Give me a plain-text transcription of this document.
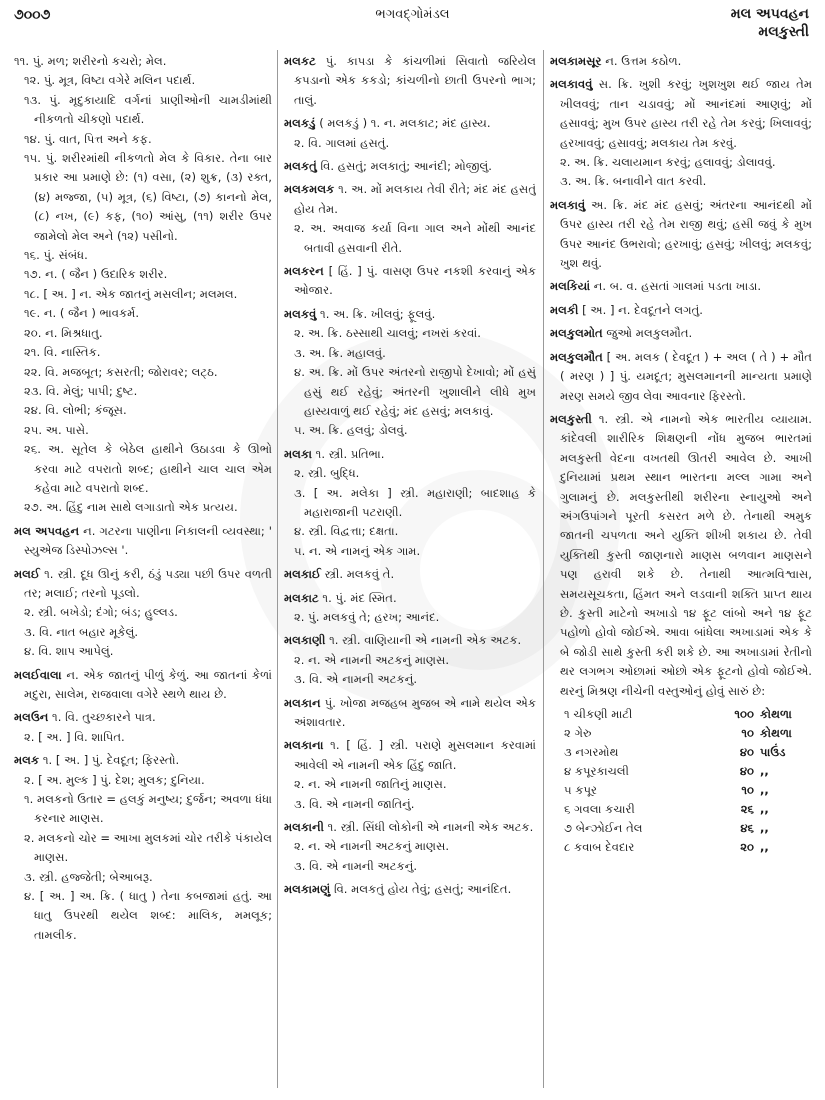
૭૦૦૭	ભગવદ્ગોમંડલ	મલ અપવહન
મલકુસ્તી
૧૧. પું. મળ; શરીરનો કચરો; મેલ.
૧૨. પું. મૂત્ર, વિષ્ટા વગેરે મલિન પદાર્થ.
૧૩. પું. મૃદુકાયાદિ વર્ગનાં પ્રાણીઓની ચામડીમાંથી નીકળતો ચીકણો પદાર્થ.
૧૪. પું. વાત, પિત્ત અને કફ.
૧૫. પું. શરીરમાંથી નીકળતો મેલ કે વિકાર. તેના બાર પ્રકાર આ પ્રમાણે છે: (૧) વસા, (૨) શુક્ર, (૩) રક્ત, (૪) મજ્જા, (૫) મૂત્ર, (૬) વિષ્ટા, (૭) કાનનો મેલ, (૮) નખ, (૯) કફ, (૧૦) આંસુ, (૧૧) શરીર ઉપર જામેલો મેલ અને (૧૨) પસીનો.
૧૬. પું. સંબંધ.
૧૭. ન. ( જૈન ) ઉદારિક શરીર.
૧૮. [ અ. ] ન. એક જાતનું મસલીન; મલમલ.
૧૯. ન. ( જૈન ) ભાવકર્મ.
૨૦. ન. મિશ્રધાતુ.
૨૧. વિ. નાસ્તિક.
૨૨. વિ. મજબૂત; કસરતી; જોરાવર; લટ્ઠ.
૨૩. વિ. મેલું; પાપી; દુષ્ટ.
૨૪. વિ. લોભી; કંજૂસ.
૨૫. અ. પાસે.
૨૬. અ. સૂતેલ કે બેઠેલ હાથીને ઉઠાડવા કે ઊભો કરવા માટે વપરાતો શબ્દ; હાથીને ચાલ ચાલ એમ કહેવા માટે વપરાતો શબ્દ.
૨૭. અ. હિંદુ નામ સાથે લગાડાતો એક પ્રત્યય.
મલ અપવહન ન. ગટરના પાણીના નિકાલની વ્યવસ્થા; ' સ્યુએજ ડિસ્પોઝલ્સ '.
મલઈ ૧. સ્ત્રી. દૂધ ઊનું કરી, ઠંડું પડ્યા પછી ઉપર વળતી તર; મલાઈ; તરનો પૂડલો.
૨. સ્ત્રી. બખેડો; દંગો; બંડ; હુલ્લડ.
૩. વિ. નાત બહાર મૂકેલું.
૪. વિ. શાપ આપેલું.
મલઈવાલા ન. એક જાતનું પીળું કેળું. આ જાતનાં કેળાં મદુરા, સાલેમ, રાજવાલા વગેરે સ્થળે થાય છે.
મલઉન ૧. વિ. તુચ્છકારને પાત્ર.
૨. [ અ. ] વિ. શાપિત.
મલક ૧. [ અ. ] પું. દેવદૂત; ફિરસ્તો.
૨. [ અ. મુલ્ક ] પું. દેશ; મુલક; દુનિયા.
૧. મલકનો ઉતાર = હલકું મનુષ્ય; દુર્જન; અવળા ધંધા કરનાર માણસ.
૨. મલકનો ચોર = આખા મુલકમાં ચોર તરીકે પંકાયેલ માણસ.
૩. સ્ત્રી. હજ્જેતી; બેઆબરૂ.
૪. [ અ. ] અ. ક્રિ. ( ધાતુ ) તેના કબજામાં હતું. આ ધાતુ ઉપરથી થયેલ શબ્દ: માલિક, મમલૂક; તામલીક.
મલકટ પું. કાપડા કે કાંચળીમાં સિવાતો જરિયેલ કપડાનો એક કકડો; કાંચળીનો છાતી ઉપરનો ભાગ; તાલું.
મલકડું ( મલકડું ) ૧. ન. મલકાટ; મંદ હાસ્ય.
૨. વિ. ગાલમાં હસતું.
મલકતું વિ. હસતું; મલકાતું; આનંદી; મોજીલું.
મલકમલક ૧. અ. મોં મલકાય તેવી રીતે; મંદ મંદ હસતું હોય તેમ.
૨. અ. અવાજ કર્યા વિના ગાલ અને મોંથી આનંદ બતાવી હસવાની રીતે.
મલકરન [ હિં. ] પું. વાસણ ઉપર નકશી કરવાનું એક ઓજાર.
મલકવું ૧. અ. ક્રિ. ખીલવું; ફૂલવું.
૨. અ. ક્રિ. ઠસ્સાથી ચાલવું; નખરાં કરવાં.
૩. અ. ક્રિ. મહાલવું.
૪. અ. ક્રિ. મોં ઉપર અંતરનો રાજીપો દેખાવો; મોં હસું હસું થઈ રહેવું; અંતરની ખુશાલીને લીધે મુખ હાસ્યવાળું થઈ રહેવું; મંદ હસવું; મલકાવું.
૫. અ. ક્રિ. હલવું; ડોલવું.
મલકા ૧. સ્ત્રી. પ્રતિભા.
૨. સ્ત્રી. બુદ્ધિ.
૩. [ અ. મલેકા ] સ્ત્રી. મહારાણી; બાદશાહ કે મહારાજાની પટરાણી.
૪. સ્ત્રી. વિદ્વત્તા; દક્ષતા.
૫. ન. એ નામનું એક ગામ.
મલકાઈ સ્ત્રી. મલકવું તે.
મલકાટ ૧. પું. મંદ સ્મિત.
૨. પું. મલકવું તે; હરખ; આનંદ.
મલકાણી ૧. સ્ત્રી. વાણિયાની એ નામની એક અટક.
૨. ન. એ નામની અટકનું માણસ.
૩. વિ. એ નામની અટકનું.
મલકાન પું. ખોજા મજહબ મુજબ એ નામે થયેલ એક અંશાવતાર.
મલકાના ૧. [ હિં. ] સ્ત્રી. પરાણે મુસલમાન કરવામાં આવેલી એ નામની એક હિંદુ જાતિ.
૨. ન. એ નામની જાતિનું માણસ.
૩. વિ. એ નામની જાતિનું.
મલકાની ૧. સ્ત્રી. સિંધી લોકોની એ નામની એક અટક.
૨. ન. એ નામની અટકનું માણસ.
૩. વિ. એ નામની અટકનું.
મલકામણું વિ. મલકતું હોય તેવું; હસતું; આનંદિત.
મલકામસૂર ન. ઉત્તમ કઠોળ.
મલકાવવું સ. ક્રિ. ખુશી કરવું; ખુશખુશ થઈ જાય તેમ ખીલવવું; તાન ચડાવવું; મોં આનંદમાં આણવું; મોં હસાવવું; મુખ ઉપર હાસ્ય તરી રહે તેમ કરવું; ખિલાવવું; હરખાવવું; હસાવવું; મલકાય તેમ કરવું.
૨. અ. ક્રિ. ચલાયમાન કરવું; હલાવવું; ડોલાવવું.
૩. અ. ક્રિ. બનાવીને વાત કરવી.
મલકાવું અ. ક્રિ. મંદ મંદ હસવું; અંતરના આનંદથી મોં ઉપર હાસ્ય તરી રહે તેમ રાજી થવું; હસી જવું કે મુખ ઉપર આનંદ ઉભરાવો; હરખાવું; હસવું; ખીલવું; મલકવું; ખુશ થવું.
મલકિયાં ન. બ. વ. હસતાં ગાલમાં પડતા ખાડા.
મલકી [ અ. ] ન. દેવદૂતને લગતું.
મલકુલમોત જુઓ મલકુલમૌત.
મલકુલમૌત [ અ. મલક ( દેવદૂત ) + અલ ( તે ) + મૌત ( મરણ ) ] પું. યમદૂત; મુસલમાનની માન્યતા પ્રમાણે મરણ સમયે જીવ લેવા આવનાર ફિરસ્તો.
મલકુસ્તી ૧. સ્ત્રી. એ નામનો એક ભારતીય વ્યાયામ. કાંદેવલી શારીરિક શિક્ષણની નોંધ મુજબ ભારતમાં મલકુસ્તી વેદના વખતથી ઊતરી આવેલ છે. આખી દુનિયામાં પ્રથમ સ્થાન ભારતના મલ્લ ગામા અને ગુલામનું છે. મલકુસ્તીથી શરીરના સ્નાયુઓ અને અંગઉપાંગને પૂરતી કસરત મળે છે. તેનાથી અમુક જાતની ચપળતા અને યુક્તિ શીખી શકાય છે. તેવી યુક્તિથી કુસ્તી જાણનારો માણસ બળવાન માણસને પણ હરાવી શકે છે. તેનાથી આત્મવિશ્વાસ, સમયસૂચકતા, હિંમત અને લડવાની શક્તિ પ્રાપ્ત થાય છે. કુસ્તી માટેનો અખાડો ૧૪ ફૂટ લાંબો અને ૧૪ ફૂટ પહોળો હોવો જોઈએ. આવા બાંધેલા અખાડામાં એક કે બે જોડી સાથે કુસ્તી કરી શકે છે. આ અખાડામાં રેતીનો થર લગભગ ઓછામાં ઓછો એક ફૂટનો હોવો જોઈએ. થરનું મિશ્રણ નીચેની વસ્તુઓનું હોવું સારું છે:
૧ ચીકણી માટી	૧૦૦ કોથળા
૨ ગેરુ	૧૦ કોથળા
૩ નગરમોથ	૪૦ પાઉંડ
૪ કપૂરકાચલી	૪૦ ,,
૫ કપૂર	૧૦ ,,
૬ ગવલા કચારી	૨૬ ,,
૭ બેન્ઝોઈન તેલ	૪૬ ,,
૮ કવાબ દેવદાર	૨૦ ,,
